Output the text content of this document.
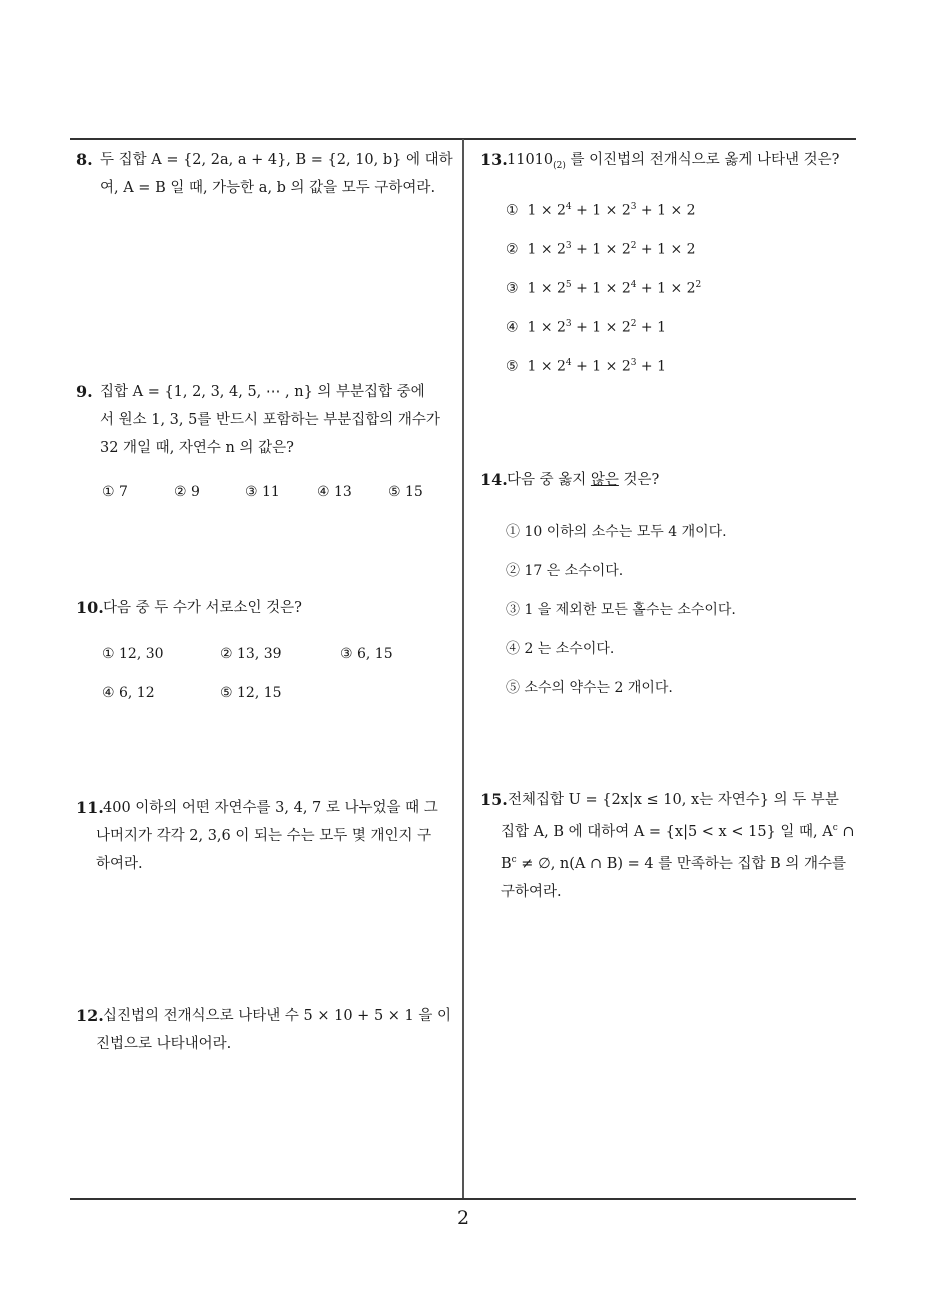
8. 두 집합 A = {2, 2a, a + 4}, B = {2, 10, b} 에 대하
여, A = B 일 때, 가능한 a, b 의 값을 모두 구하여라.
9. 집합 A = {1, 2, 3, 4, 5, ⋯ , n} 의 부분집합 중에
서 원소 1, 3, 5를 반드시 포함하는 부분집합의 개수가
32 개일 때, 자연수 n 의 값은?
① 7	② 9	③ 11	④ 13	⑤ 15
10. 다음 중 두 수가 서로소인 것은?
① 12, 30	② 13, 39	③ 6, 15
④ 6, 12	⑤ 12, 15
11. 400 이하의 어떤 자연수를 3, 4, 7 로 나누었을 때 그
나머지가 각각 2, 3,6 이 되는 수는 모두 몇 개인지 구
하여라.
12. 십진법의 전개식으로 나타낸 수 5 × 10 + 5 × 1 을 이
진법으로 나타내어라.
13. $11010_{(2)}$ 를 이진법의 전개식으로 옳게 나타낸 것은?
① $1 \times 2^4 + 1 \times 2^3 + 1 \times 2$
② $1 \times 2^3 + 1 \times 2^2 + 1 \times 2$
③ $1 \times 2^5 + 1 \times 2^4 + 1 \times 2^2$
④ $1 \times 2^3 + 1 \times 2^2 + 1$
⑤ $1 \times 2^4 + 1 \times 2^3 + 1$
14. 다음 중 옳지 않은 것은?
① 10 이하의 소수는 모두 4 개이다.
② 17 은 소수이다.
③ 1 을 제외한 모든 홀수는 소수이다.
④ 2 는 소수이다.
⑤ 소수의 약수는 2 개이다.
15. 전체집합 U = {2x|x ≤ 10, x는 자연수} 의 두 부분
집합 A, B 에 대하여 A = {x|5 < x < 15} 일 때, $A^c$ ∩
$B^c$ ≠ ∅, n(A ∩ B) = 4 를 만족하는 집합 B 의 개수를
구하여라.
2
